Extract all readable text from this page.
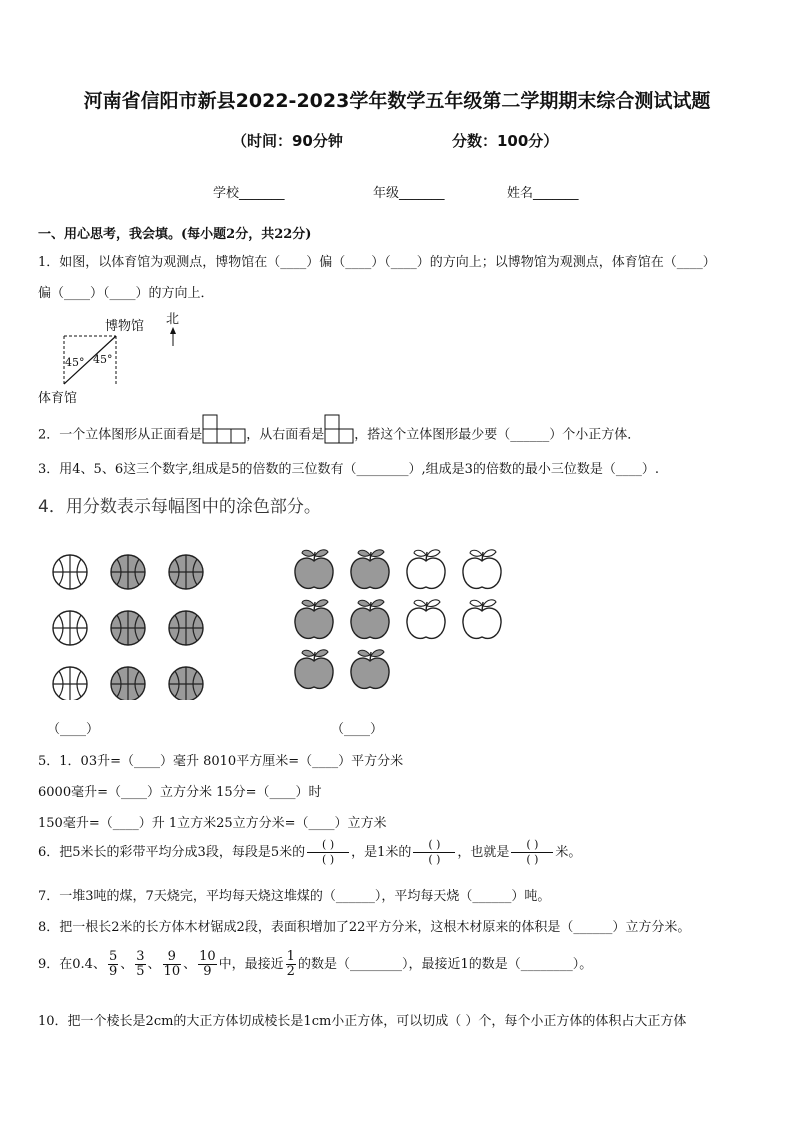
河南省信阳市新县2022-2023学年数学五年级第二学期期末综合测试试题
（时间：90分钟	分数：100分）
学校_______	年级_______	姓名_______
一、用心思考，我会填。(每小题2分，共22分)
1．如图，以体育馆为观测点，博物馆在（____）偏（____）（____）的方向上；以博物馆为观测点，体育馆在（____）
偏（____）（____）的方向上．
博物馆 北
45° 45°
体育馆
2．一个立体图形从正面看是	，从右面看是 ，搭这个立体图形最少要（______）个小正方体．
3．用4、5、6这三个数字,组成是5的倍数的三位数有（________）,组成是3的倍数的最小三位数是（____）.
4．用分数表示每幅图中的涂色部分。
（____）	（____）
5．1．03升=（____）毫升 8010平方厘米=（____）平方分米
6000毫升=（____）立方分米 15分=（____）时
150毫升=（____）升 1立方米25立方分米=（____）立方米
6．把5米长的彩带平均分成3段，每段是5米的
( )
( )	，是1米的
( )
( )	，也就是
( )
( )	米。
7．一堆3吨的煤，7天烧完，平均每天烧这堆煤的（______），平均每天烧（______）吨。
8．把一根长2米的长方体木材锯成2段，表面积增加了22平方分米，这根木材原来的体积是（______）立方分米。
9．在0.4、 $\frac{5}{9}$ 、 $\frac{3}{5}$ 、 $\frac{9}{10}$ 、 $\frac{10}{9}$ 中，最接近 $\frac{1}{2}$ 的数是（________），最接近1的数是（________）。
10．把一个棱长是2cm的大正方体切成棱长是1cm小正方体，可以切成（ ）个，每个小正方体的体积占大正方体
